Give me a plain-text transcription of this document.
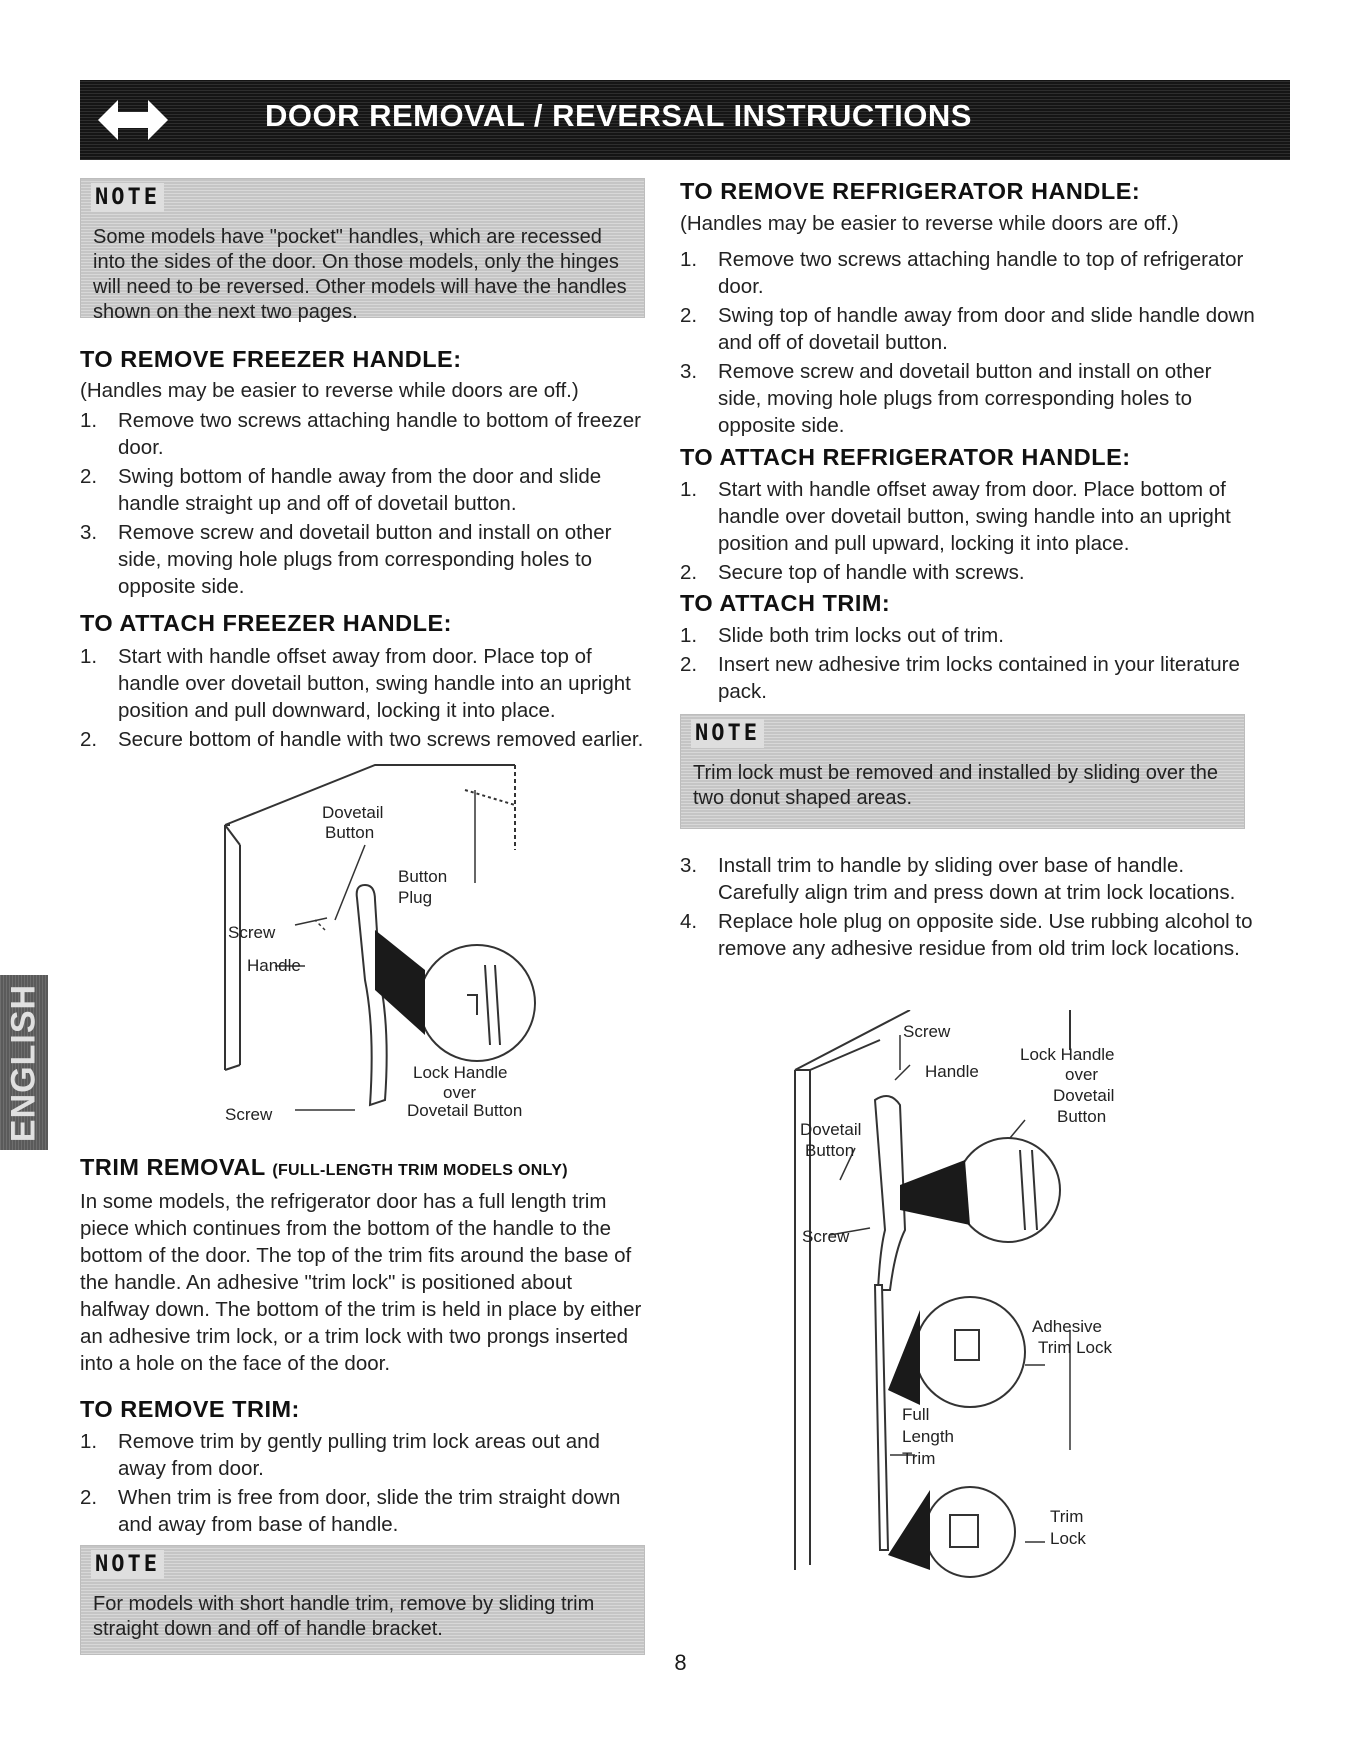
DOOR REMOVAL / REVERSAL INSTRUCTIONS
NOTE
Some models have "pocket" handles, which are recessed into the sides of the door. On those models, only the hinges will need to be reversed. Other models will have the handles shown on the next two pages.
TO REMOVE FREEZER HANDLE:

(Handles may be easier to reverse while doors are off.)

1. Remove two screws attaching handle to bottom of freezer door.
2. Swing bottom of handle away from the door and slide handle straight up and off of dovetail button.
3. Remove screw and dovetail button and install on other side, moving hole plugs from corresponding holes to opposite side.
TO ATTACH FREEZER HANDLE:
1. Start with handle offset away from door. Place top of handle over dovetail button, swing handle into an upright position and pull downward, locking it into place.
2. Secure bottom of handle with two screws removed earlier.
Dovetail
Button
Button
Plug
Screw
Handle
Lock Handle
over
Dovetail Button
Screw
TRIM REMOVAL (FULL-LENGTH TRIM MODELS ONLY)

In some models, the refrigerator door has a full length trim piece which continues from the bottom of the handle to the bottom of the door. The top of the trim fits around the base of the handle. An adhesive "trim lock" is positioned about halfway down. The bottom of the trim is held in place by either an adhesive trim lock, or a trim lock with two prongs inserted into a hole on the face of the door.

TO REMOVE TRIM:
1. Remove trim by gently pulling trim lock areas out and away from door.
2. When trim is free from door, slide the trim straight down and away from base of handle.
NOTE
For models with short handle trim, remove by sliding trim straight down and off of handle bracket.
TO REMOVE REFRIGERATOR HANDLE:

(Handles may be easier to reverse while doors are off.)

1. Remove two screws attaching handle to top of refrigerator door.
2. Swing top of handle away from door and slide handle down and off of dovetail button.
3. Remove screw and dovetail button and install on other side, moving hole plugs from corresponding holes to opposite side.
TO ATTACH REFRIGERATOR HANDLE:
1. Start with handle offset away from door. Place bottom of handle over dovetail button, swing handle into an upright position and pull upward, locking it into place.
2. Secure top of handle with screws.
TO ATTACH TRIM:
1. Slide both trim locks out of trim.
2. Insert new adhesive trim locks contained in your literature pack.
NOTE
Trim lock must be removed and installed by sliding over the two donut shaped areas.
3. Install trim to handle by sliding over base of handle. Carefully align trim and press down at trim lock locations.
4. Replace hole plug on opposite side. Use rubbing alcohol to remove any adhesive residue from old trim lock locations.
Screw
Handle
Lock Handle
over
Dovetail
Button
Dovetail
Button
Screw
Adhesive
Trim Lock
Full
Length
Trim
Trim
Lock
ENGLISH
8
